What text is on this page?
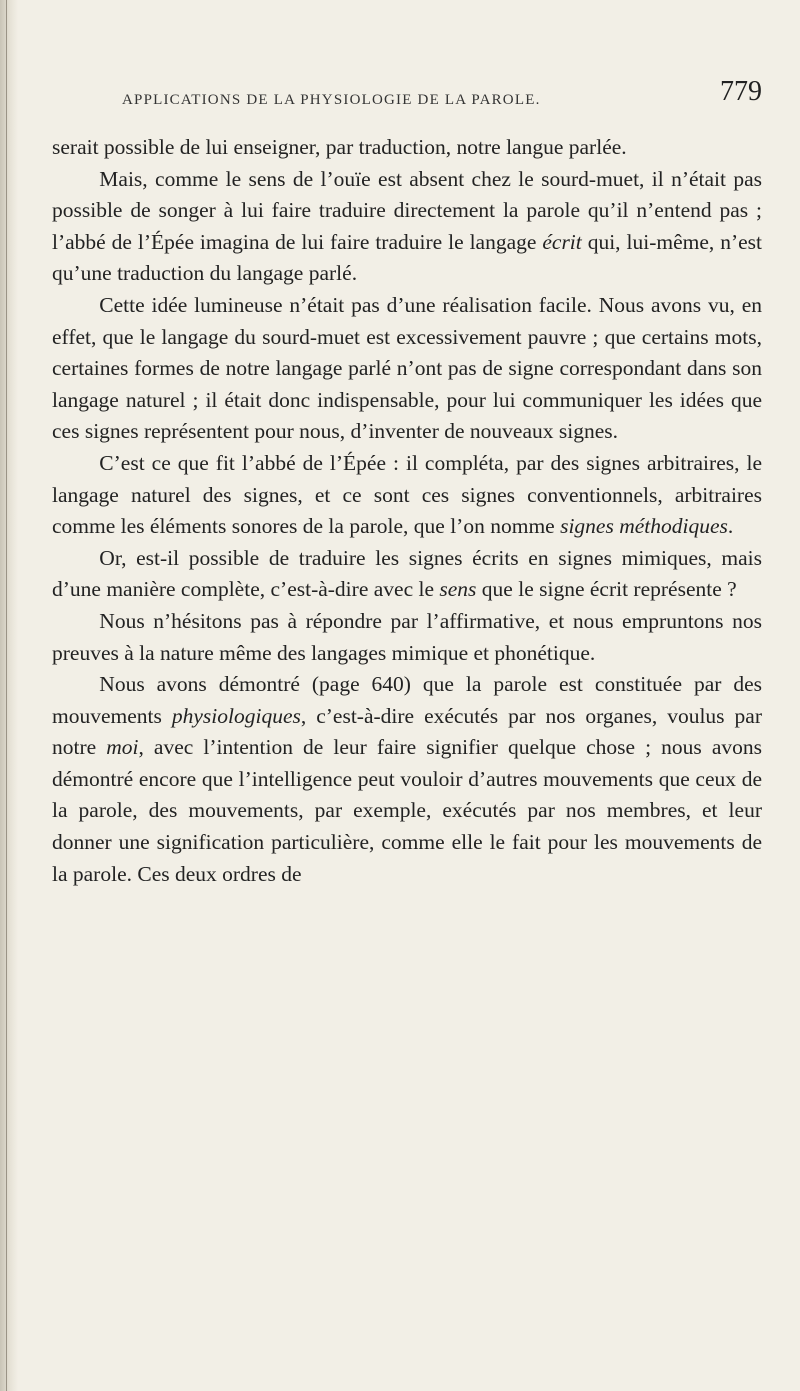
APPLICATIONS DE LA PHYSIOLOGIE DE LA PAROLE.	779

serait possible de lui enseigner, par traduction, notre langue parlée.

Mais, comme le sens de l’ouïe est absent chez le sourd-muet, il n’était pas possible de songer à lui faire traduire directement la parole qu’il n’entend pas ; l’abbé de l’Épée imagina de lui faire traduire le langage écrit qui, lui-même, n’est qu’une traduction du langage parlé.

Cette idée lumineuse n’était pas d’une réalisation facile. Nous avons vu, en effet, que le langage du sourd-muet est excessivement pauvre ; que certains mots, certaines formes de notre langage parlé n’ont pas de signe correspondant dans son langage naturel ; il était donc indispensable, pour lui communiquer les idées que ces signes représentent pour nous, d’inventer de nouveaux signes.

C’est ce que fit l’abbé de l’Épée : il compléta, par des signes arbitraires, le langage naturel des signes, et ce sont ces signes conventionnels, arbitraires comme les éléments sonores de la parole, que l’on nomme signes méthodiques.

Or, est-il possible de traduire les signes écrits en signes mimiques, mais d’une manière complète, c’est-à-dire avec le sens que le signe écrit représente ?

Nous n’hésitons pas à répondre par l’affirmative, et nous empruntons nos preuves à la nature même des langages mimique et phonétique.

Nous avons démontré (page 640) que la parole est constituée par des mouvements physiologiques, c’est-à-dire exécutés par nos organes, voulus par notre moi, avec l’intention de leur faire signifier quelque chose ; nous avons démontré encore que l’intelligence peut vouloir d’autres mouvements que ceux de la parole, des mouvements, par exemple, exécutés par nos membres, et leur donner une signification particulière, comme elle le fait pour les mouvements de la parole. Ces deux ordres de
